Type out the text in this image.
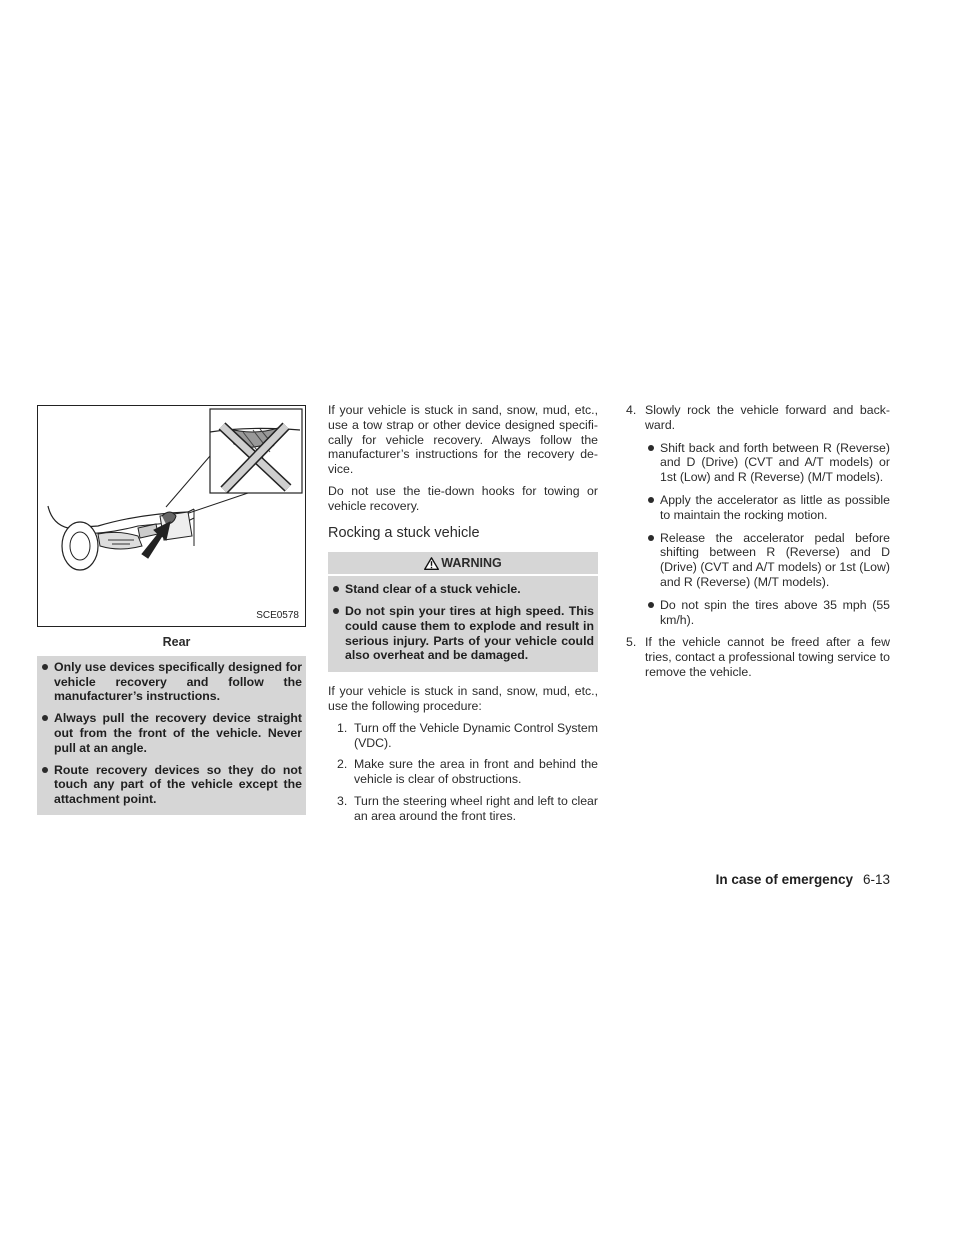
SCE0578
Rear
Only use devices specifically designed for vehicle recovery and follow the manufacturer’s instructions.
Always pull the recovery device straight out from the front of the vehicle. Never pull at an angle.
Route recovery devices so they do not touch any part of the vehicle except the attachment point.

If your vehicle is stuck in sand, snow, mud, etc., use a tow strap or other device designed specifi-cally for vehicle recovery. Always follow the manufacturer’s instructions for the recovery de-vice.

Do not use the tie-down hooks for towing or vehicle recovery.

Rocking a stuck vehicle
WARNING
Stand clear of a stuck vehicle.
Do not spin your tires at high speed. This could cause them to explode and result in serious injury. Parts of your vehicle could also overheat and be damaged.

If your vehicle is stuck in sand, snow, mud, etc., use the following procedure:

1. Turn off the Vehicle Dynamic Control System (VDC).
2. Make sure the area in front and behind the vehicle is clear of obstructions.
3. Turn the steering wheel right and left to clear an area around the front tires.
4. Slowly rock the vehicle forward and back-ward.
Shift back and forth between R (Reverse) and D (Drive) (CVT and A/T models) or 1st (Low) and R (Reverse) (M/T models).
Apply the accelerator as little as possible to maintain the rocking motion.
Release the accelerator pedal before shifting between R (Reverse) and D (Drive) (CVT and A/T models) or 1st (Low) and R (Reverse) (M/T models).
Do not spin the tires above 35 mph (55 km/h).
5. If the vehicle cannot be freed after a few tries, contact a professional towing service to remove the vehicle.
In case of emergency 6-13
